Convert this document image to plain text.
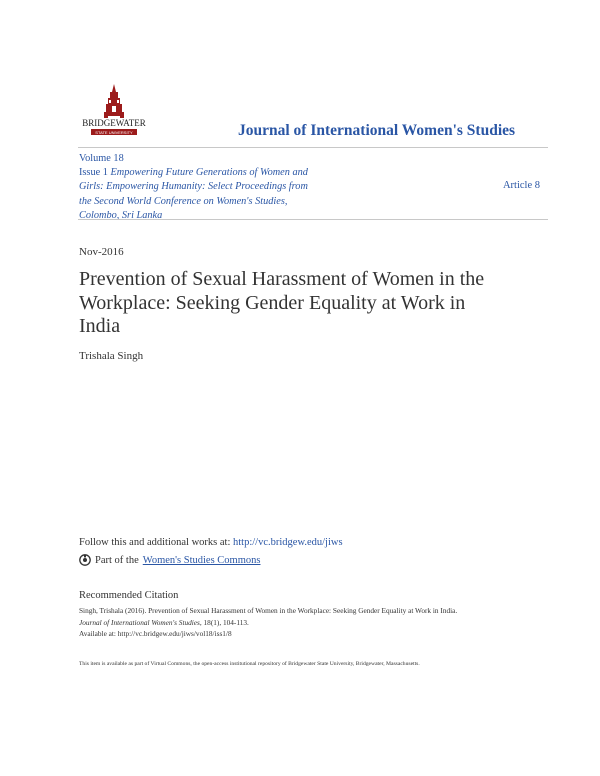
BRIDGEWATER
STATE UNIVERSITY	Journal of International Women's Studies
Volume 18
Issue 1 Empowering Future Generations of Women and
Girls: Empowering Humanity: Select Proceedings from
the Second World Conference on Women's Studies,
Colombo, Sri Lanka
Article 8
Nov-2016
Prevention of Sexual Harassment of Women in the
Workplace: Seeking Gender Equality at Work in
India
Trishala Singh
Follow this and additional works at: http://vc.bridgew.edu/jiws
Part of the Women's Studies Commons
Recommended Citation
Singh, Trishala (2016). Prevention of Sexual Harassment of Women in the Workplace: Seeking Gender Equality at Work in India.
Journal of International Women's Studies, 18(1), 104-113.
Available at: http://vc.bridgew.edu/jiws/vol18/iss1/8
This item is available as part of Virtual Commons, the open-access institutional repository of Bridgewater State University, Bridgewater, Massachusetts.
